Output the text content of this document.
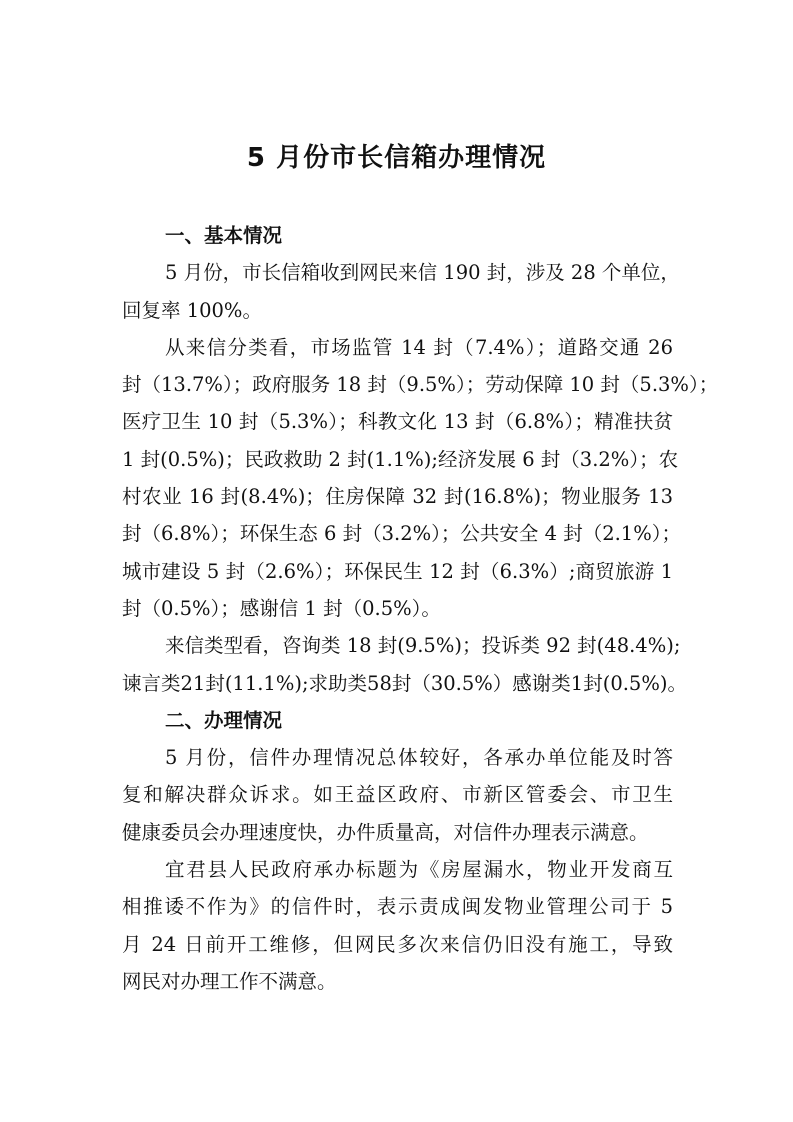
5 月份市长信箱办理情况
一、基本情况
5 月份，市长信箱收到网民来信 190 封，涉及 28 个单位，
回复率 100%。
从来信分类看，市场监管 14 封（7.4%）；道路交通 26
封（13.7%）；政府服务 18 封（9.5%）；劳动保障 10 封（5.3%）；
医疗卫生 10 封（5.3%）；科教文化 13 封（6.8%）；精准扶贫
1 封(0.5%)；民政救助 2 封(1.1%);经济发展 6 封（3.2%）；农
村农业 16 封(8.4%)；住房保障 32 封(16.8%)；物业服务 13
封（6.8%）；环保生态 6 封（3.2%）；公共安全 4 封（2.1%）；
城市建设 5 封（2.6%）；环保民生 12 封（6.3%）;商贸旅游 1
封（0.5%）；感谢信 1 封（0.5%）。
来信类型看，咨询类 18 封(9.5%)；投诉类 92 封(48.4%);
谏言类21封(11.1%);求助类58封（30.5%）感谢类1封(0.5%)。
二、办理情况
5 月份，信件办理情况总体较好，各承办单位能及时答
复和解决群众诉求。如王益区政府、市新区管委会、市卫生
健康委员会办理速度快，办件质量高，对信件办理表示满意。
宜君县人民政府承办标题为《房屋漏水，物业开发商互
相推诿不作为》的信件时，表示责成闽发物业管理公司于 5
月 24 日前开工维修，但网民多次来信仍旧没有施工，导致
网民对办理工作不满意。
